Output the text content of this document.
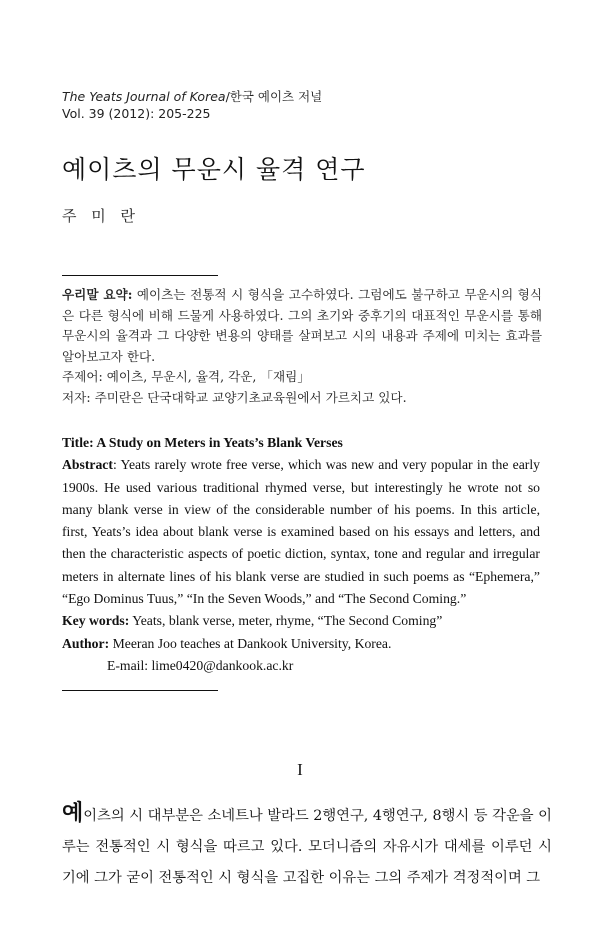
The Yeats Journal of Korea/한국 예이츠 저널
Vol. 39 (2012): 205-225
예이츠의 무운시 율격 연구
주 미 란

우리말 요약: 예이츠는 전통적 시 형식을 고수하였다. 그럼에도 불구하고 무운시의 형식은 다른 형식에 비해 드물게 사용하였다. 그의 초기와 중후기의 대표적인 무운시를 통해 무운시의 율격과 그 다양한 변용의 양태를 살펴보고 시의 내용과 주제에 미치는 효과를 알아보고자 한다.

주제어: 예이츠, 무운시, 율격, 각운, 「재림」

저자: 주미란은 단국대학교 교양기초교육원에서 가르치고 있다.

Title: A Study on Meters in Yeats’s Blank Verses

Abstract: Yeats rarely wrote free verse, which was new and very popular in the early 1900s. He used various traditional rhymed verse, but interestingly he wrote not so many blank verse in view of the considerable number of his poems. In this article, first, Yeats’s idea about blank verse is examined based on his essays and letters, and then the characteristic aspects of poetic diction, syntax, tone and regular and irregular meters in alternate lines of his blank verse are studied in such poems as “Ephemera,” “Ego Dominus Tuus,” “In the Seven Woods,” and “The Second Coming.”

Key words: Yeats, blank verse, meter, rhyme, “The Second Coming”

Author: Meeran Joo teaches at Dankook University, Korea.

E-mail: lime0420@dankook.ac.kr

I

예이츠의 시 대부분은 소네트나 발라드 2행연구, 4행연구, 8행시 등 각운을 이루는 전통적인 시 형식을 따르고 있다. 모더니즘의 자유시가 대세를 이루던 시기에 그가 굳이 전통적인 시 형식을 고집한 이유는 그의 주제가 격정적이며 그
